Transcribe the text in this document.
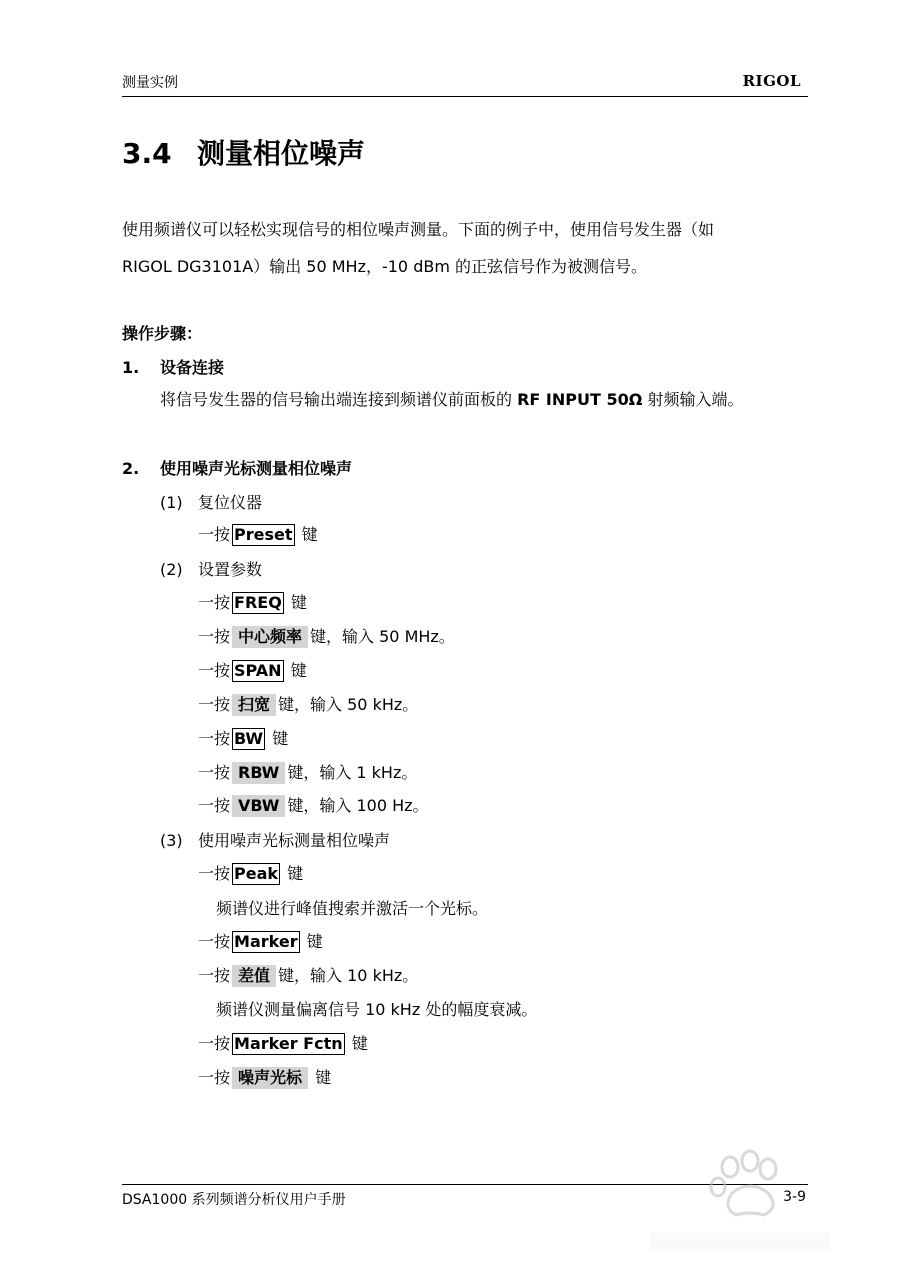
测量实例	RIGOL
3.4 测量相位噪声
使用频谱仪可以轻松实现信号的相位噪声测量。下面的例子中，使用信号发生器（如
RIGOL DG3101A）输出 50 MHz，-10 dBm 的正弦信号作为被测信号。
操作步骤：
1. 设备连接
将信号发生器的信号输出端连接到频谱仪前面板的 RF INPUT 50Ω 射频输入端。
2. 使用噪声光标测量相位噪声
(1) 复位仪器
一按 Preset 键
(2) 设置参数
一按 FREQ 键
一按 中心频率 键，输入 50 MHz。
一按 SPAN 键
一按 扫宽 键，输入 50 kHz。
一按 BW 键
一按 RBW 键，输入 1 kHz。
一按 VBW 键，输入 100 Hz。
(3) 使用噪声光标测量相位噪声
一按 Peak 键
频谱仪进行峰值搜索并激活一个光标。
一按 Marker 键
一按 差值 键，输入 10 kHz。
频谱仪测量偏离信号 10 kHz 处的幅度衰减。
一按 Marker Fctn 键
一按 噪声光标 键
DSA1000 系列频谱分析仪用户手册	3-9
